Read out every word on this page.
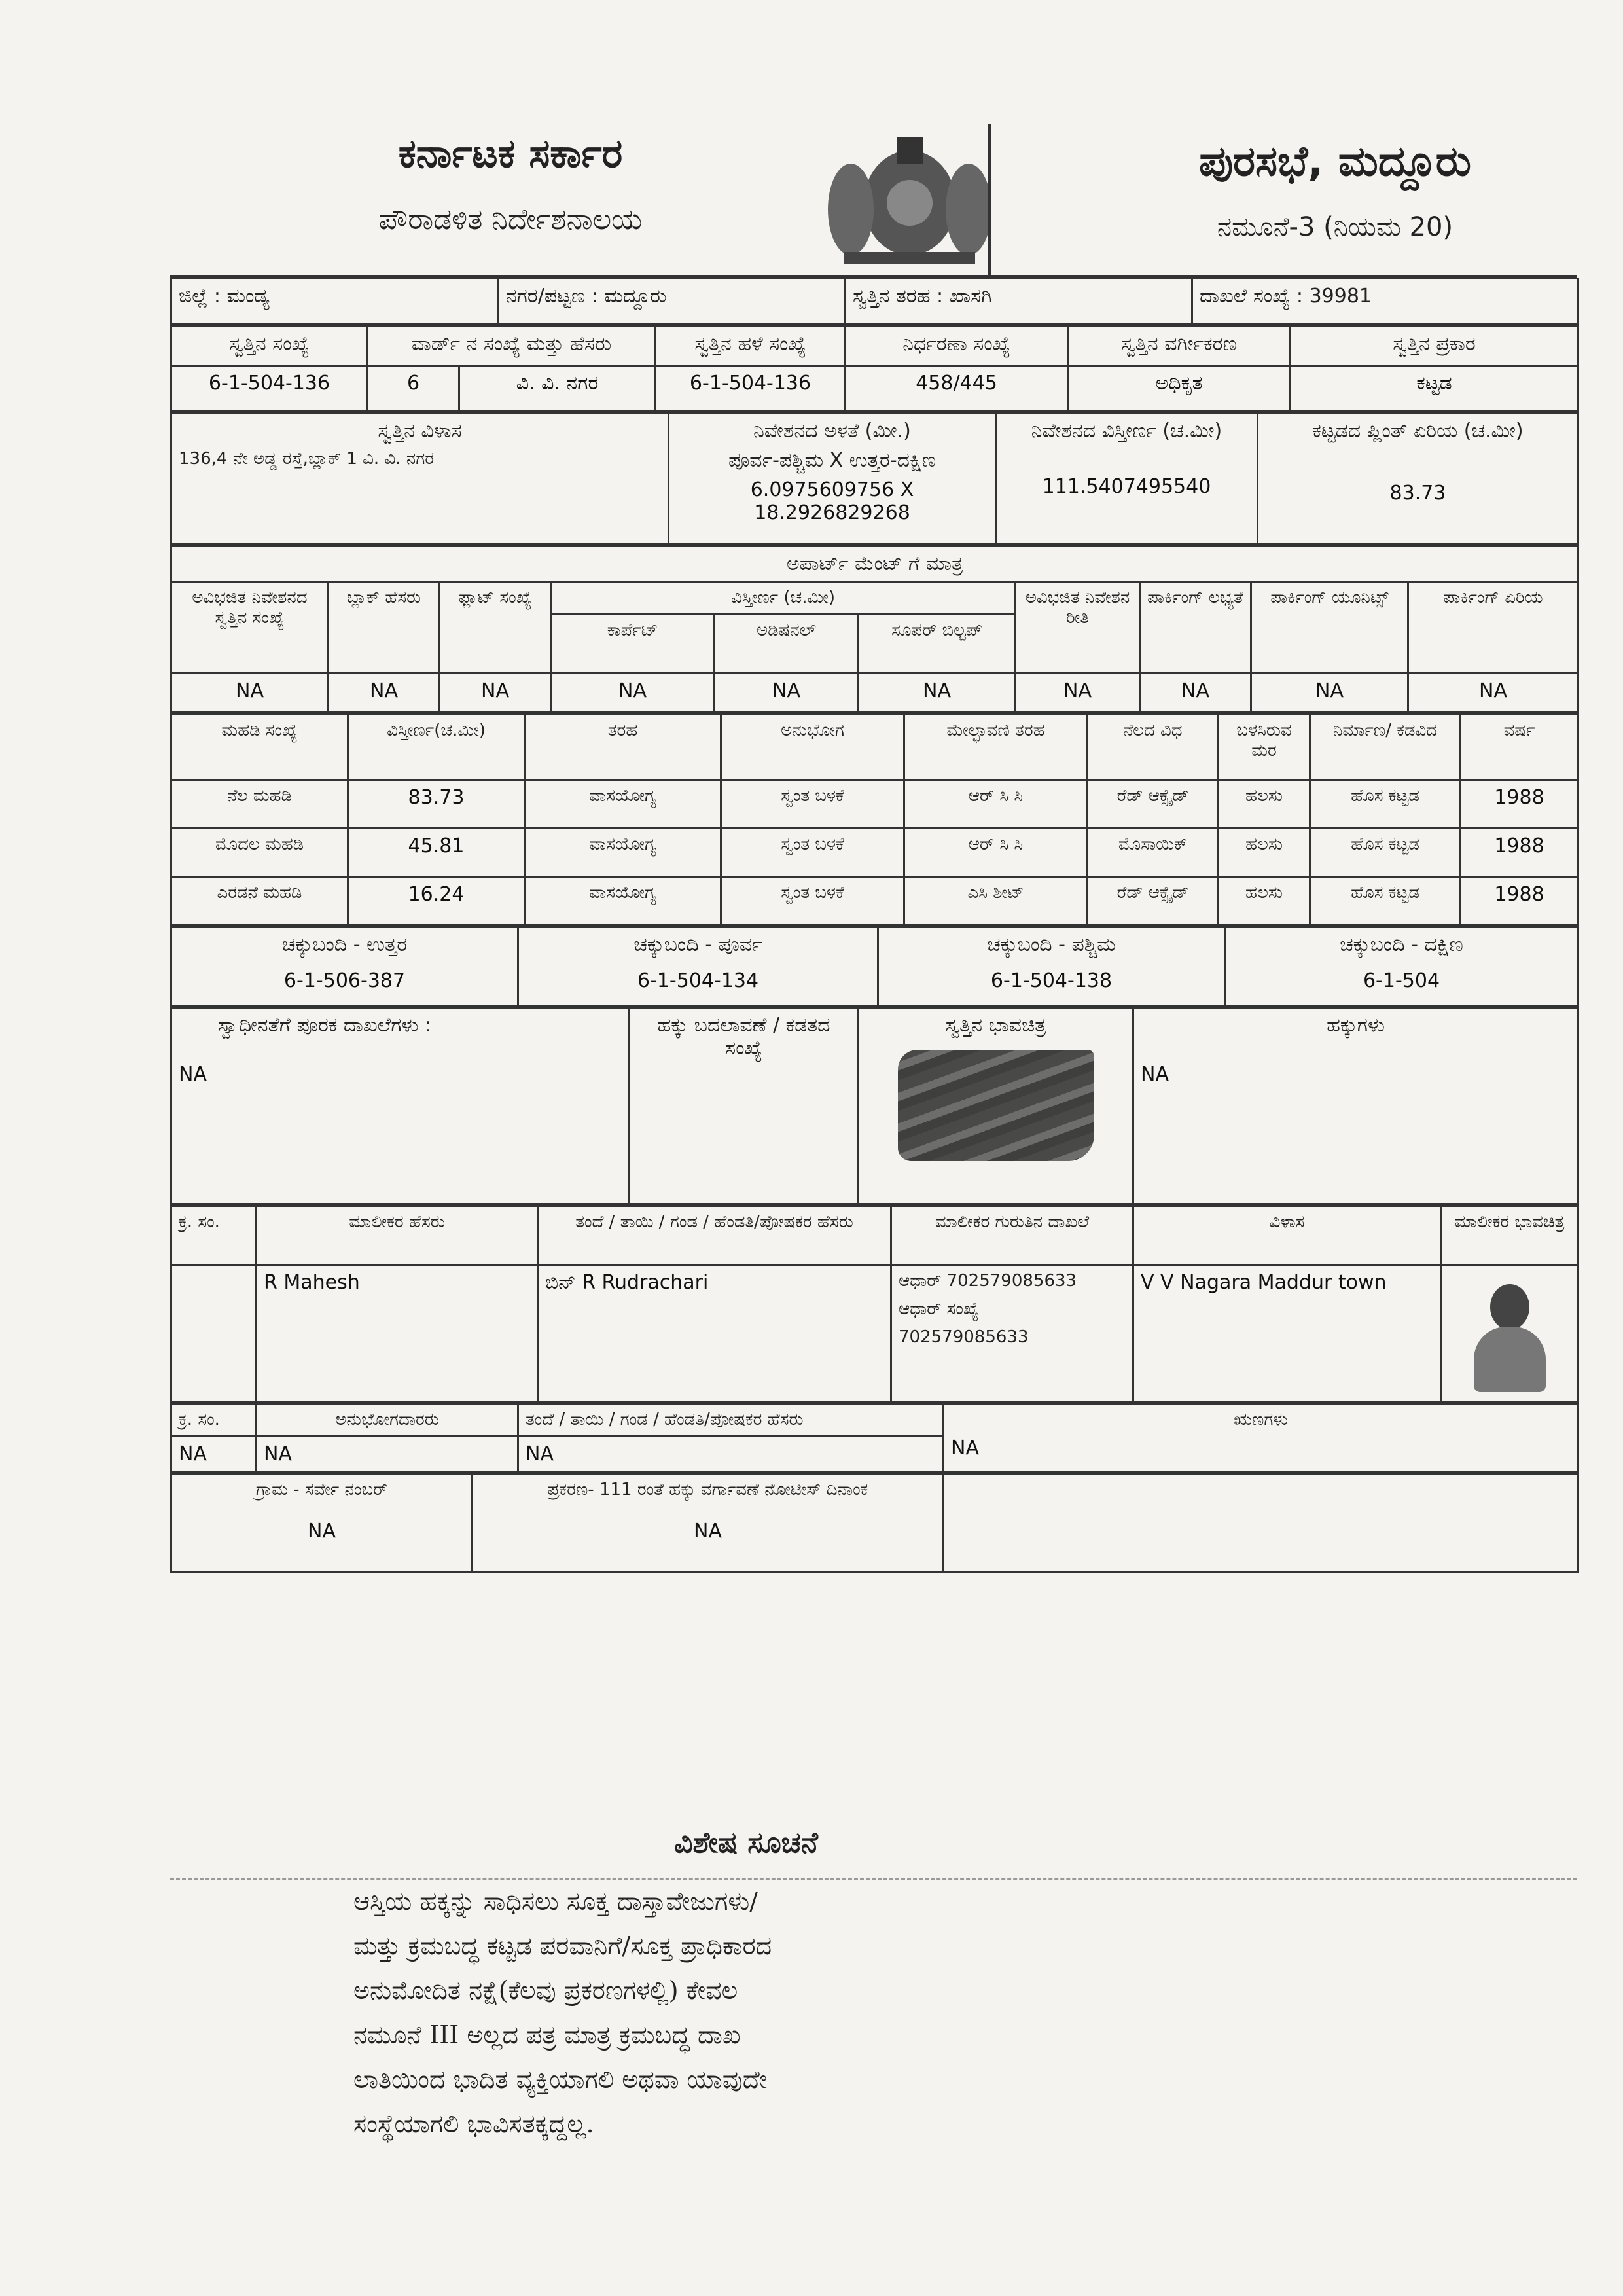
ಕರ್ನಾಟಕ ಸರ್ಕಾರ
ಪೌರಾಡಳಿತ ನಿರ್ದೇಶನಾಲಯ
ಪುರಸಭೆ, ಮದ್ದೂರು
ನಮೂನೆ-3 (ನಿಯಮ 20)
ಜಿಲ್ಲೆ : ಮಂಡ್ಯ	ನಗರ/ಪಟ್ಟಣ : ಮದ್ದೂರು	ಸ್ವತ್ತಿನ ತರಹ : ಖಾಸಗಿ	ದಾಖಲೆ ಸಂಖ್ಯೆ : 39981
ಸ್ವತ್ತಿನ ಸಂಖ್ಯೆ	ವಾರ್ಡ್ ನ ಸಂಖ್ಯೆ ಮತ್ತು ಹೆಸರು		ಸ್ವತ್ತಿನ ಹಳೆ ಸಂಖ್ಯೆ	ನಿರ್ಧರಣಾ ಸಂಖ್ಯೆ	ಸ್ವತ್ತಿನ ವರ್ಗೀಕರಣ	ಸ್ವತ್ತಿನ ಪ್ರಕಾರ
6-1-504-136	6	ವಿ. ವಿ. ನಗರ	6-1-504-136	458/445	ಅಧಿಕೃತ	ಕಟ್ಟಡ
ಸ್ವತ್ತಿನ ವಿಳಾಸ
136,4 ನೇ ಅಡ್ಡ ರಸ್ತೆ,ಬ್ಲಾಕ್ 1 ವಿ. ವಿ. ನಗರ

ನಿವೇಶನದ ಅಳತೆ (ಮೀ.)
ಪೂರ್ವ-ಪಶ್ಚಿಮ X ಉತ್ತರ-ದಕ್ಷಿಣ
6.0975609756 X 18.2926829268

ನಿವೇಶನದ ವಿಸ್ತೀರ್ಣ (ಚ.ಮೀ)
111.5407495540

ಕಟ್ಟಡದ ಪ್ಲಿಂತ್ ಏರಿಯ (ಚ.ಮೀ)
83.73
ಅಪಾರ್ಟ್ ಮೆಂಟ್ ಗೆ ಮಾತ್ರ									
ಅವಿಭಜಿತ ನಿವೇಶನದ ಸ್ವತ್ತಿನ ಸಂಖ್ಯೆ	ಬ್ಲಾಕ್ ಹೆಸರು	ಫ್ಲಾಟ್ ಸಂಖ್ಯೆ	ವಿಸ್ತೀರ್ಣ (ಚ.ಮೀ)			ಅವಿಭಜಿತ ನಿವೇಶನ ರೀತಿ	ಪಾರ್ಕಿಂಗ್ ಲಭ್ಯತೆ	ಪಾರ್ಕಿಂಗ್ ಯೂನಿಟ್ಸ್	ಪಾರ್ಕಿಂಗ್ ಏರಿಯ
			ಕಾರ್ಪೆಟ್	ಅಡಿಷನಲ್	ಸೂಪರ್ ಬಿಲ್ಟಪ್				
NA	NA	NA	NA	NA	NA	NA	NA	NA	NA
ಮಹಡಿ ಸಂಖ್ಯೆ	ವಿಸ್ತೀರ್ಣ(ಚ.ಮೀ)	ತರಹ	ಅನುಭೋಗ	ಮೇಲ್ಛಾವಣಿ ತರಹ	ನೆಲದ ವಿಧ	ಬಳಸಿರುವ ಮರ	ನಿರ್ಮಾಣ/ ಕಡವಿದ	ವರ್ಷ
ನೆಲ ಮಹಡಿ	83.73	ವಾಸಯೋಗ್ಯ	ಸ್ವಂತ ಬಳಕೆ	ಆರ್ ಸಿ ಸಿ	ರೆಡ್ ಆಕ್ಸೈಡ್	ಹಲಸು	ಹೊಸ ಕಟ್ಟಡ	1988
ಮೊದಲ ಮಹಡಿ	45.81	ವಾಸಯೋಗ್ಯ	ಸ್ವಂತ ಬಳಕೆ	ಆರ್ ಸಿ ಸಿ	ಮೊಸಾಯಿಕ್	ಹಲಸು	ಹೊಸ ಕಟ್ಟಡ	1988
ಎರಡನೆ ಮಹಡಿ	16.24	ವಾಸಯೋಗ್ಯ	ಸ್ವಂತ ಬಳಕೆ	ಎಸಿ ಶೀಟ್	ರೆಡ್ ಆಕ್ಸೈಡ್	ಹಲಸು	ಹೊಸ ಕಟ್ಟಡ	1988
ಚಕ್ಕುಬಂದಿ - ಉತ್ತರ
6-1-506-387

ಚಕ್ಕುಬಂದಿ - ಪೂರ್ವ
6-1-504-134

ಚಕ್ಕುಬಂದಿ - ಪಶ್ಚಿಮ
6-1-504-138

ಚಕ್ಕುಬಂದಿ - ದಕ್ಷಿಣ
6-1-504
ಸ್ವಾಧೀನತೆಗೆ ಪೂರಕ ದಾಖಲೆಗಳು :
NA

ಹಕ್ಕು ಬದಲಾವಣೆ / ಕಡತದ ಸಂಖ್ಯೆ

ಸ್ವತ್ತಿನ ಭಾವಚಿತ್ರ	ಹಕ್ಕುಗಳು
NA
ಕ್ರ. ಸಂ.	ಮಾಲೀಕರ ಹೆಸರು	ತಂದೆ / ತಾಯಿ / ಗಂಡ / ಹೆಂಡತಿ/ಪೋಷಕರ ಹೆಸರು	ಮಾಲೀಕರ ಗುರುತಿನ ದಾಖಲೆ	ವಿಳಾಸ	ಮಾಲೀಕರ ಭಾವಚಿತ್ರ
	R Mahesh	ಬಿನ್ R Rudrachari	ಆಧಾರ್ 702579085633
ಆಧಾರ್ ಸಂಖ್ಯೆ
702579085633	V V Nagara Maddur town	
ಕ್ರ. ಸಂ.	ಅನುಭೋಗದಾರರು	ತಂದೆ / ತಾಯಿ / ಗಂಡ / ಹೆಂಡತಿ/ಪೋಷಕರ ಹೆಸರು	ಋಣಗಳು
NA

NA	NA	NA	
ಗ್ರಾಮ - ಸರ್ವೇ ನಂಬರ್
NA

ಪ್ರಕರಣ- 111 ರಂತೆ ಹಕ್ಕು ವರ್ಗಾವಣೆ ನೋಟೀಸ್ ದಿನಾಂಕ
NA

ವಿಶೇಷ ಸೂಚನೆ
ಆಸ್ತಿಯ ಹಕ್ಕನ್ನು ಸಾಧಿಸಲು ಸೂಕ್ತ ದಾಸ್ತಾವೇಜುಗಳು/
ಮತ್ತು ಕ್ರಮಬದ್ಧ ಕಟ್ಟಡ ಪರವಾನಿಗೆ/ಸೂಕ್ತ ಪ್ರಾಧಿಕಾರದ
ಅನುಮೋದಿತ ನಕ್ಷೆ(ಕೆಲವು ಪ್ರಕರಣಗಳಲ್ಲಿ) ಕೇವಲ
ನಮೂನೆ III ಅಲ್ಲದ ಪತ್ರ ಮಾತ್ರ ಕ್ರಮಬದ್ಧ ದಾಖ
ಲಾತಿಯಿಂದ ಭಾದಿತ ವ್ಯಕ್ತಿಯಾಗಲಿ ಅಥವಾ ಯಾವುದೇ
ಸಂಸ್ಥೆಯಾಗಲಿ ಭಾವಿಸತಕ್ಕದ್ದಲ್ಲ.
